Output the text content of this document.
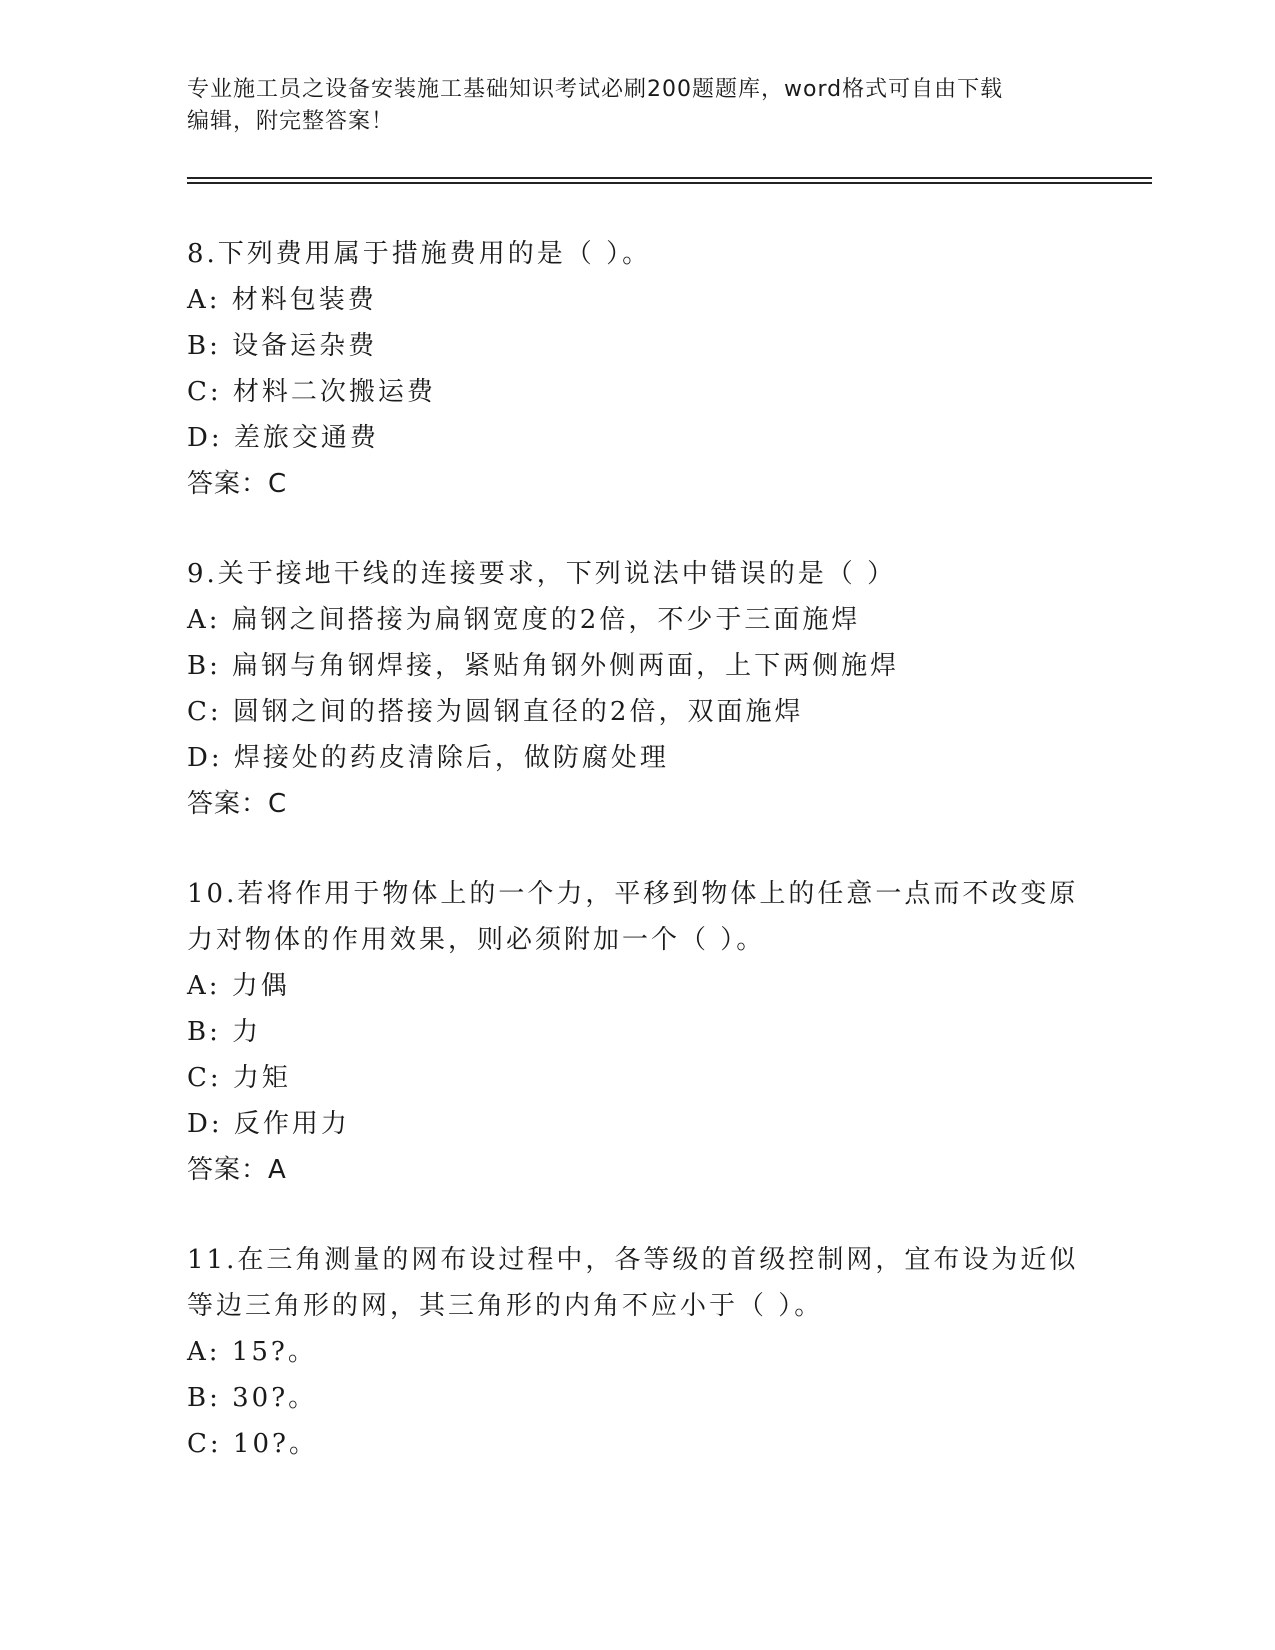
专业施工员之设备安装施工基础知识考试必刷200题题库，word格式可自由下载
编辑，附完整答案！

8.下列费用属于措施费用的是（ ）。

A: 材料包装费

B: 设备运杂费

C: 材料二次搬运费

D: 差旅交通费

答案：C

9.关于接地干线的连接要求，下列说法中错误的是（ ）

A: 扁钢之间搭接为扁钢宽度的2倍，不少于三面施焊

B: 扁钢与角钢焊接，紧贴角钢外侧两面，上下两侧施焊

C: 圆钢之间的搭接为圆钢直径的2倍，双面施焊

D: 焊接处的药皮清除后，做防腐处理

答案：C

10.若将作用于物体上的一个力，平移到物体上的任意一点而不改变原

力对物体的作用效果，则必须附加一个（ ）。

A: 力偶

B: 力

C: 力矩

D: 反作用力

答案：A

11.在三角测量的网布设过程中，各等级的首级控制网，宜布设为近似

等边三角形的网，其三角形的内角不应小于（ ）。

A: 15?。

B: 30?。

C: 10?。
